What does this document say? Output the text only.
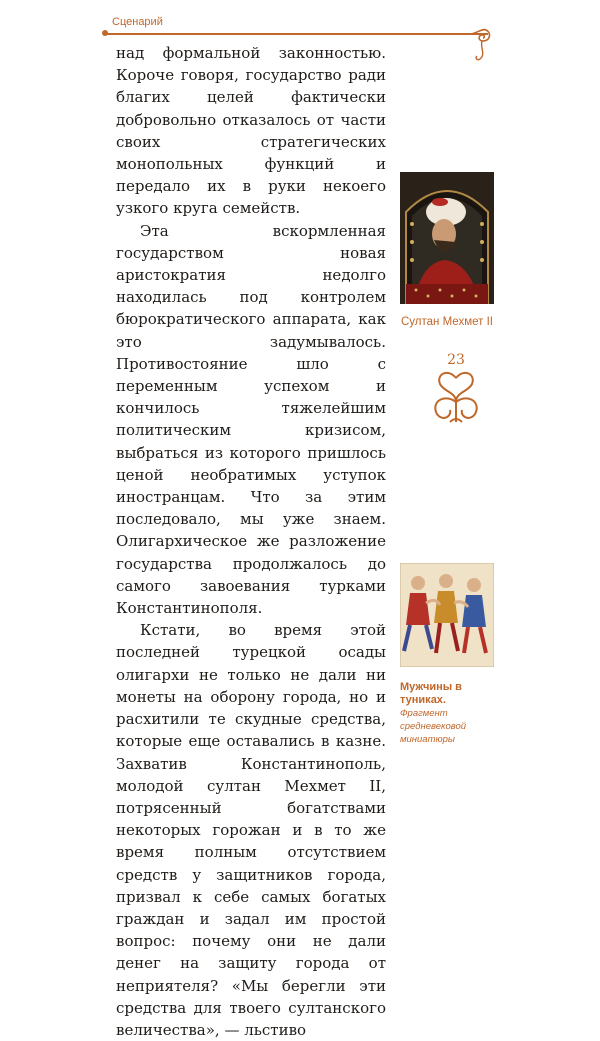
Сценарий

над формальной законностью. Короче говоря, государство ради благих целей фактически добровольно отказалось от части своих стратегических монопольных функций и передало их в руки некоего узкого круга семейств.

Эта вскормленная государством новая аристократия недолго находилась под контролем бюрократического аппарата, как это задумывалось. Противостояние шло с переменным успехом и кончилось тяжелейшим политическим кризисом, выбраться из которого пришлось ценой необратимых уступок иностранцам. Что за этим последовало, мы уже знаем. Олигархическое же разложение государства продолжалось до самого завоевания турками Константинополя.

Кстати, во время этой последней турецкой осады олигархи не только не дали ни монеты на оборону города, но и расхитили те скудные средства, которые еще оставались в казне. Захватив Константинополь, молодой султан Мехмет II, потрясенный богатствами некоторых горожан и в то же время полным отсутствием средств у защитников города, призвал к себе самых богатых граждан и задал им простой вопрос: почему они не дали денег на защиту города от неприятеля? «Мы берегли эти средства для твоего султанского величества», — льстиво

Султан Мехмет II
23
Мужчины в туниках.
Фрагмент средневековой миниатюры
